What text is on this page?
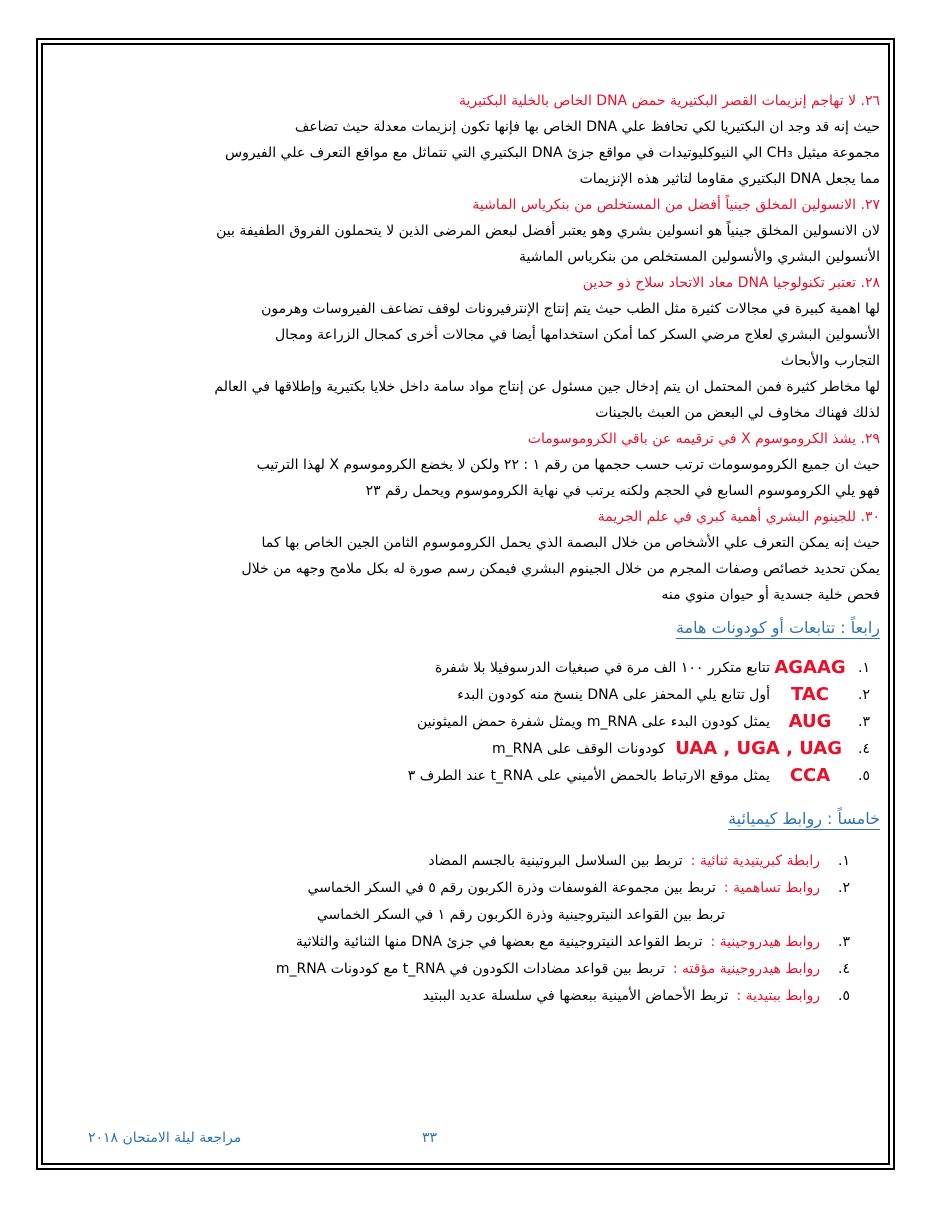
٢٦. لا تهاجم إنزيمات القصر البكتيرية حمض DNA الخاص بالخلية البكتيرية
حيث إنه قد وجد ان البكتيريا لكي تحافظ علي DNA الخاص بها فإنها تكون إنزيمات معدلة حيث تضاعف
مجموعة ميثيل CH₃ الي النيوكليوتيدات في مواقع جزئ DNA البكتيري التي تتماثل مع مواقع التعرف علي الفيروس
مما يجعل DNA البكتيري مقاوما لتاثير هذه الإنزيمات
٢٧. الانسولين المخلق جينياً أفضل من المستخلص من بنكرياس الماشية
لان الانسولين المخلق جينياً هو انسولين بشري وهو يعتبر أفضل لبعض المرضى الذين لا يتحملون الفروق الطفيفة بين
الأنسولين البشري والأنسولين المستخلص من بنكرياس الماشية
٢٨. تعتبر تكنولوجيا DNA معاد الاتحاد سلاح ذو حدين
لها اهمية كبيرة في مجالات كثيرة مثل الطب حيث يتم إنتاج الإنترفيرونات لوقف تضاعف الفيروسات وهرمون
الأنسولين البشري لعلاج مرضي السكر كما أمكن استخدامها أيضا في مجالات أخرى كمجال الزراعة ومجال
التجارب والأبحاث
لها مخاطر كثيرة فمن المحتمل ان يتم إدخال جين مسئول عن إنتاج مواد سامة داخل خلايا بكتيرية وإطلاقها في العالم
لذلك فهناك مخاوف لي البعض من العبث بالجينات
٢٩. يشذ الكروموسوم X في ترقيمه عن باقي الكروموسومات
حيث ان جميع الكروموسومات ترتب حسب حجمها من رقم ١ : ٢٢ ولكن لا يخضع الكروموسوم X لهذا الترتيب
فهو يلي الكروموسوم السابع في الحجم ولكنه يرتب في نهاية الكروموسوم ويحمل رقم ٢٣
٣٠. للجينوم البشري أهمية كبري في علم الجريمة
حيث إنه يمكن التعرف علي الأشخاص من خلال البصمة الذي يحمل الكروموسوم الثامن الجين الخاص بها كما
يمكن تحديد خصائص وصفات المجرم من خلال الجينوم البشري فيمكن رسم صورة له بكل ملامح وجهه من خلال
فحص خلية جسدية أو حيوان منوي منه
رابعاً : تتابعات أو كودونات هامة
١.
AGAAG
تتابع متكرر ١٠٠ الف مرة في صبغيات الدرسوفيلا بلا شفرة
٢.
TAC
أول تتابع يلي المحفز على DNA ينسخ منه كودون البدء
٣.
AUG
يمثل كودون البدء على m_RNA ويمثل شفرة حمض الميثونين
٤.
UAA , UGA , UAG
كودونات الوقف على m_RNA
٥.
CCA
يمثل موقع الارتباط بالحمض الأميني على t_RNA عند الطرف ٣
خامساً : روابط كيميائية
١.
رابطة كبريتيدية ثنائية :
تربط بين السلاسل البروتينية بالجسم المضاد
٢.
روابط تساهمية :
تربط بين مجموعة الفوسفات وذرة الكربون رقم ٥ في السكر الخماسي
تربط بين القواعد النيتروجينية وذرة الكربون رقم ١ في السكر الخماسي
٣.
روابط هيدروجينية :
تربط القواعد النيتروجينية مع بعضها في جزئ DNA منها الثنائية والثلاثية
٤.
روابط هيدروجينية مؤقته :
تربط بين قواعد مضادات الكودون في t_RNA مع كودونات m_RNA
٥.
روابط ببتيدية :
تربط الأحماض الأمينية ببعضها في سلسلة عديد الببتيد
٣٣
مراجعة ليلة الامتحان ٢٠١٨
